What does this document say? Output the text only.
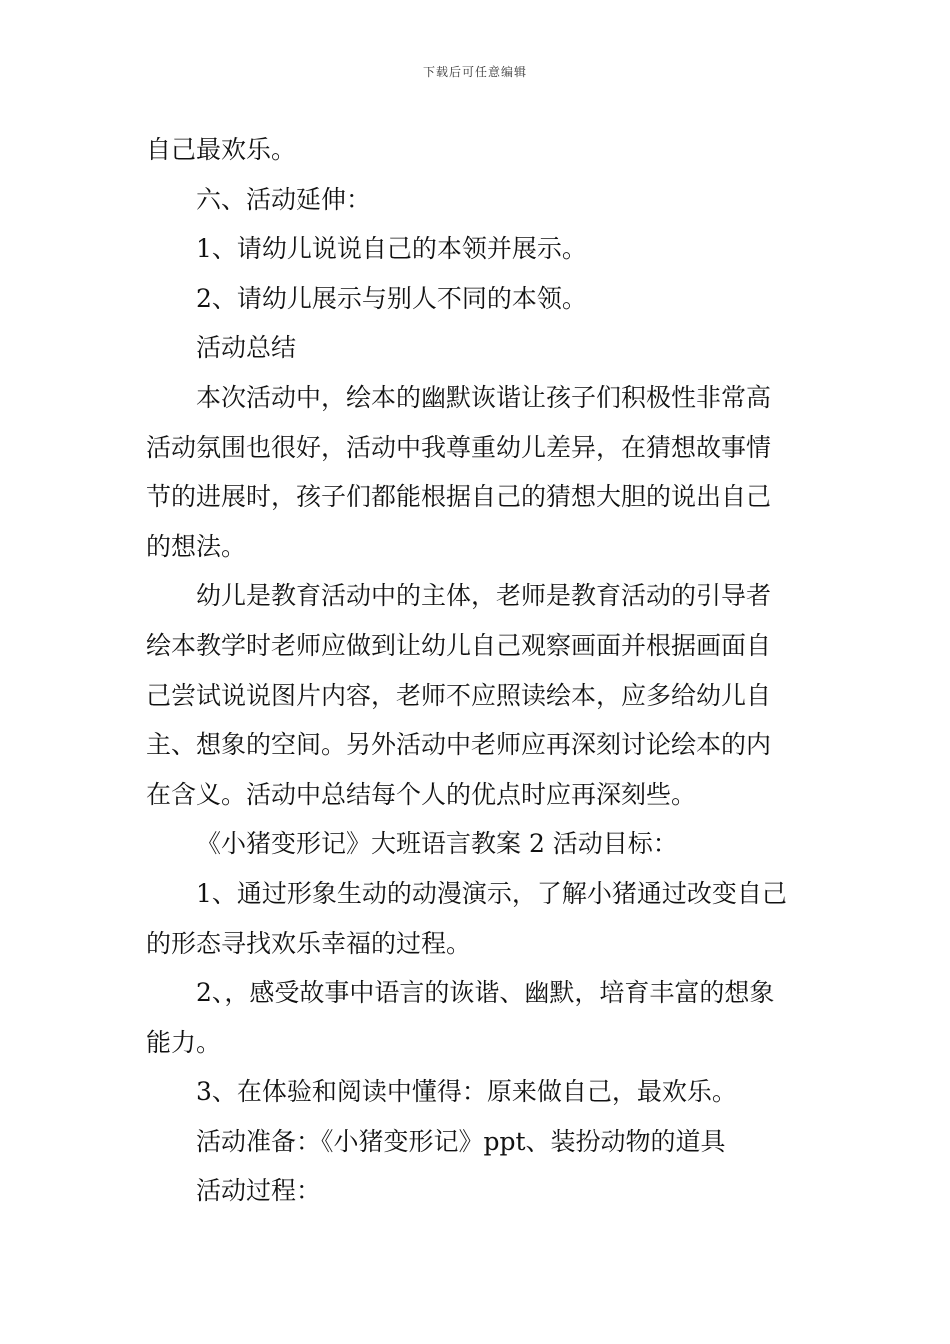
下载后可任意编辑
自己最欢乐。
六、活动延伸：
1、请幼儿说说自己的本领并展示。
2、请幼儿展示与别人不同的本领。
活动总结
本次活动中，绘本的幽默诙谐让孩子们积极性非常高
活动氛围也很好，活动中我尊重幼儿差异，在猜想故事情
节的进展时，孩子们都能根据自己的猜想大胆的说出自己
的想法。
幼儿是教育活动中的主体，老师是教育活动的引导者
绘本教学时老师应做到让幼儿自己观察画面并根据画面自
己尝试说说图片内容，老师不应照读绘本，应多给幼儿自
主、想象的空间。另外活动中老师应再深刻讨论绘本的内
在含义。活动中总结每个人的优点时应再深刻些。
《小猪变形记》大班语言教案 2 活动目标：
1、通过形象生动的动漫演示，了解小猪通过改变自己
的形态寻找欢乐幸福的过程。
2、，感受故事中语言的诙谐、幽默，培育丰富的想象
能力。
3、在体验和阅读中懂得：原来做自己，最欢乐。
活动准备：《小猪变形记》ppt、装扮动物的道具
活动过程：
